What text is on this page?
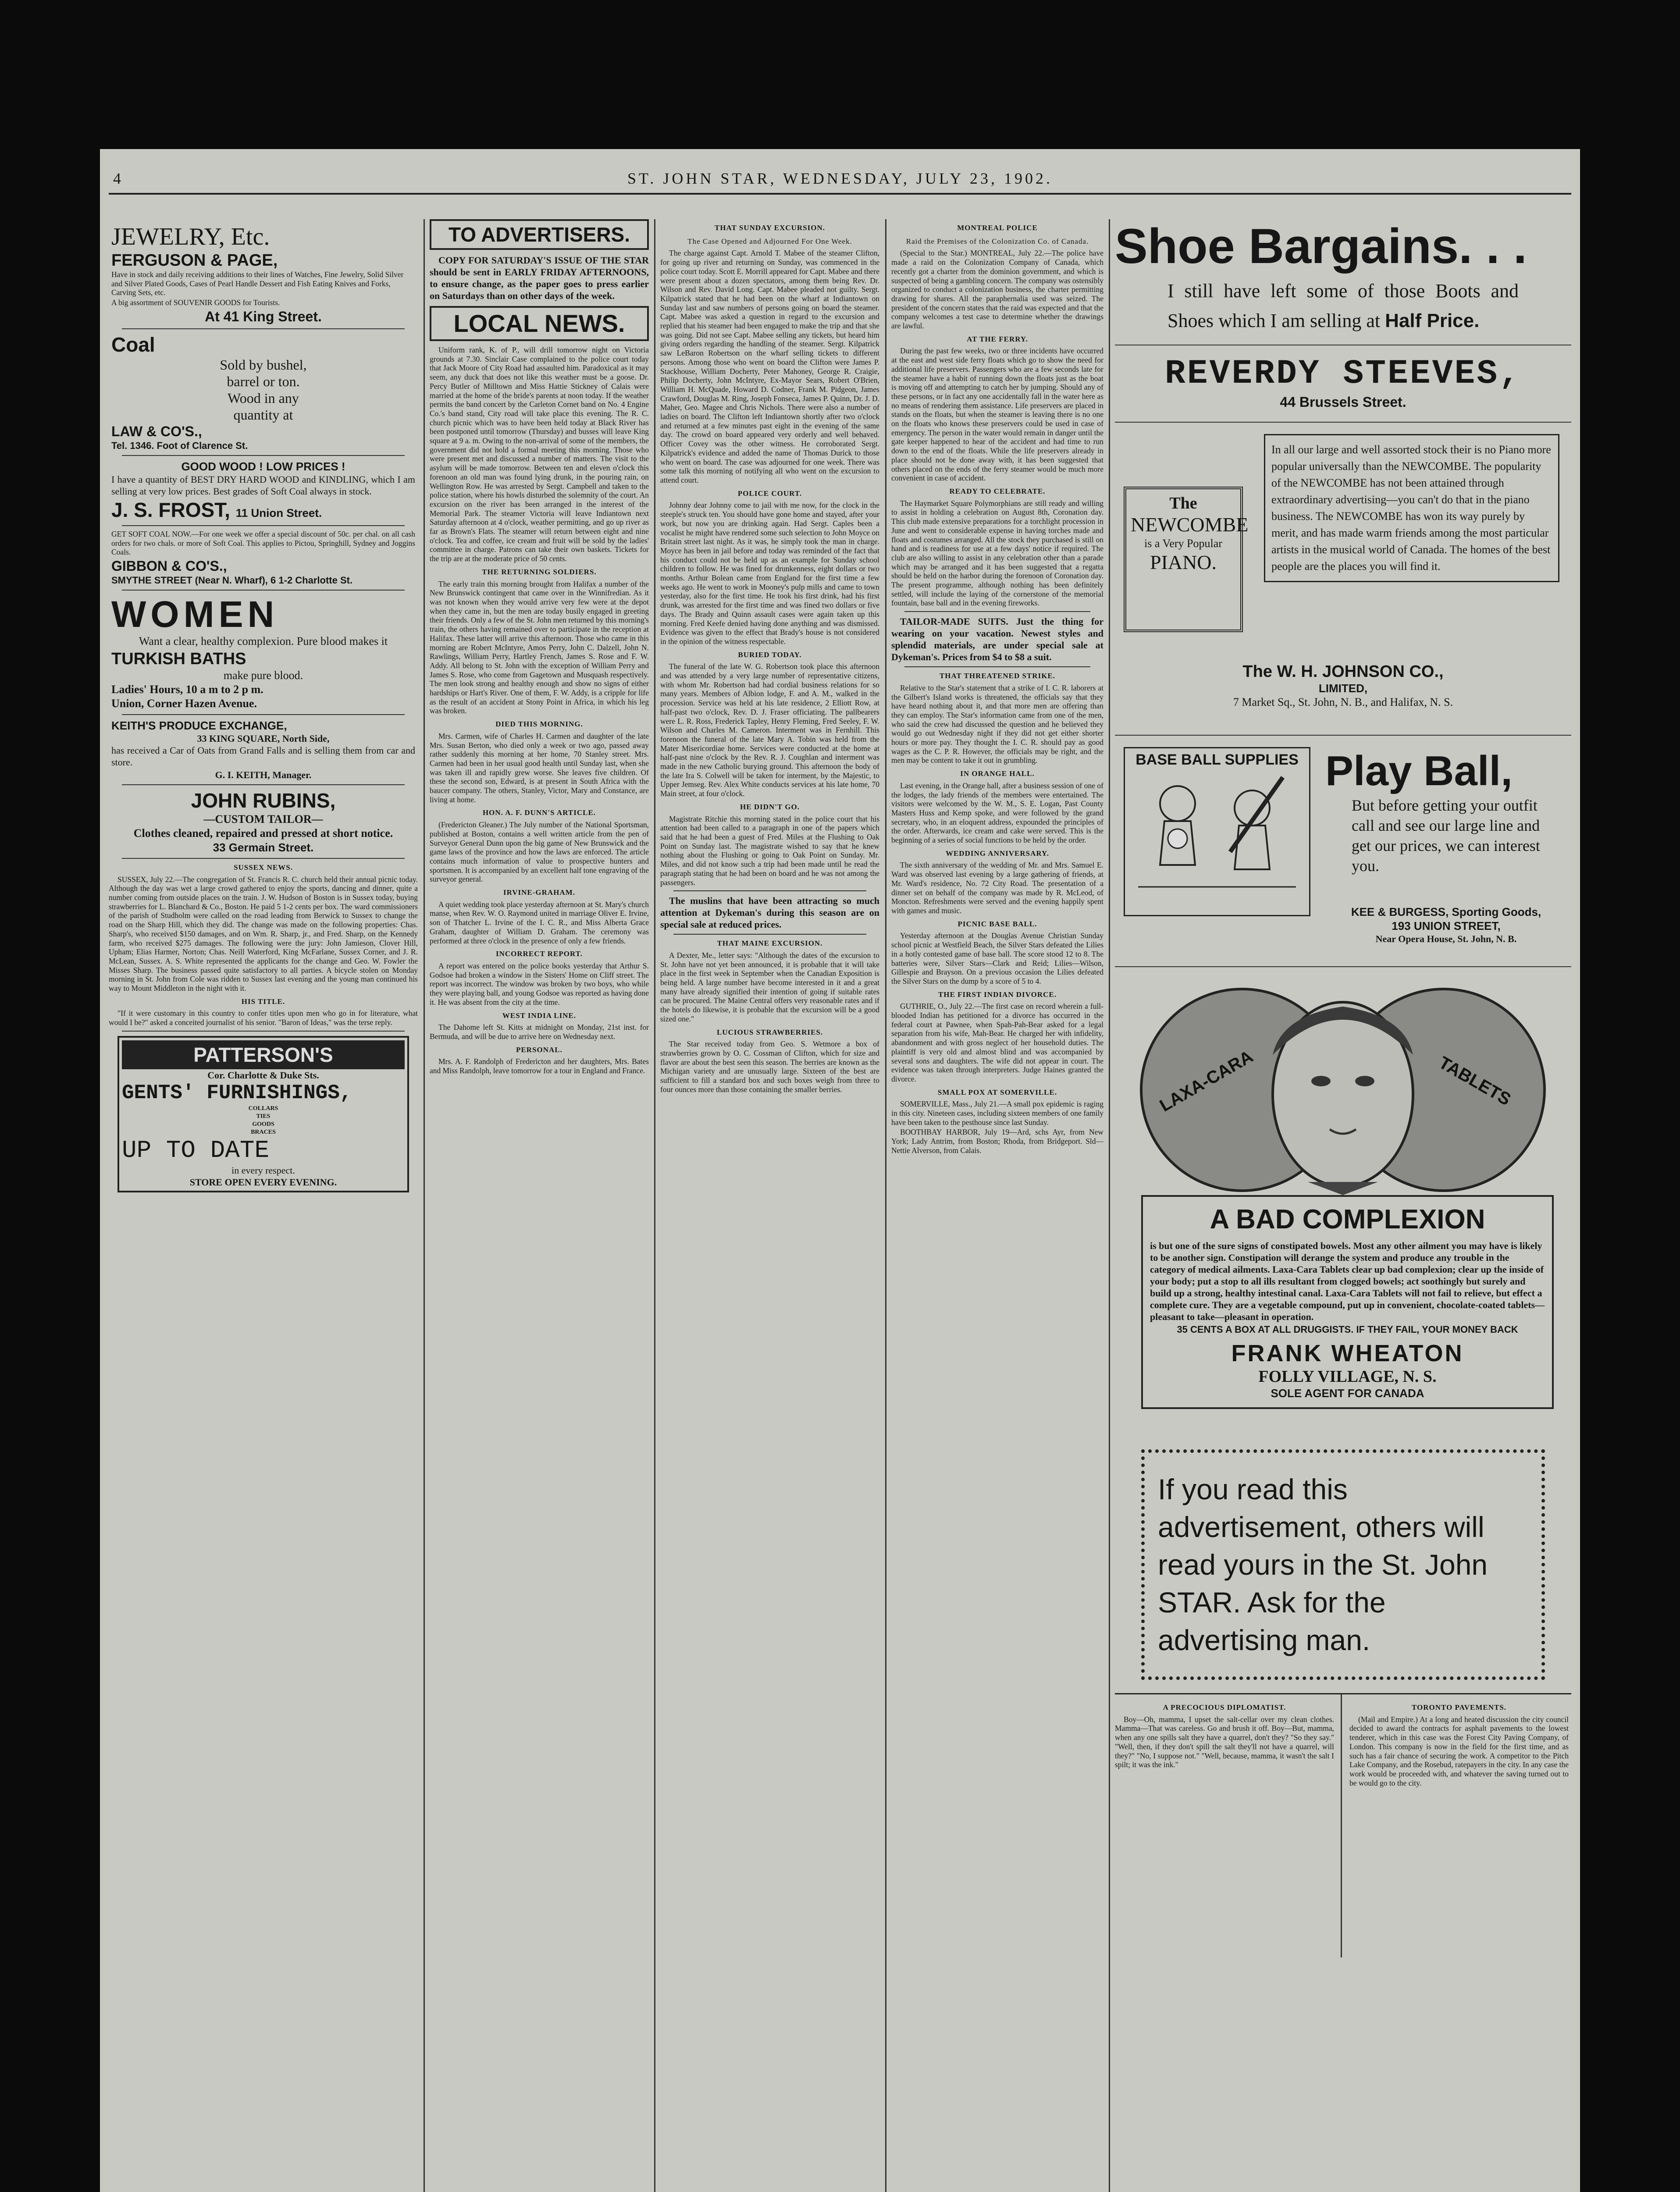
4	ST. JOHN STAR, WEDNESDAY, JULY 23, 1902.
JEWELRY, Etc.
FERGUSON & PAGE,

Have in stock and daily receiving additions to their lines of Watches, Fine Jewelry, Solid Silver and Silver Plated Goods, Cases of Pearl Handle Dessert and Fish Eating Knives and Forks, Carving Sets, etc.

A big assortment of SOUVENIR GOODS for Tourists.

At 41 King Street.
Coal
Sold by bushel,
barrel or ton.
Wood in any
quantity at
LAW & CO'S.,
Tel. 1346. Foot of Clarence St.
GOOD WOOD ! LOW PRICES !

I have a quantity of BEST DRY HARD WOOD and KINDLING, which I am selling at very low prices. Best grades of Soft Coal always in stock.

J. S. FROST, 11 Union Street.

GET SOFT COAL NOW.—For one week we offer a special discount of 50c. per chal. on all cash orders for two chals. or more of Soft Coal. This applies to Pictou, Springhill, Sydney and Joggins Coals.

GIBBON & CO'S.,
SMYTHE STREET (Near N. Wharf), 6 1-2 Charlotte St.
WOMEN

Want a clear, healthy complexion. Pure blood makes it

TURKISH BATHS
make pure blood.
Ladies' Hours, 10 a m to 2 p m.
Union, Corner Hazen Avenue.
KEITH'S PRODUCE EXCHANGE,
33 KING SQUARE, North Side,

has received a Car of Oats from Grand Falls and is selling them from car and store.

G. I. KEITH, Manager.
JOHN RUBINS,
—CUSTOM TAILOR—
Clothes cleaned, repaired and pressed at short notice.
33 Germain Street.
SUSSEX NEWS.

SUSSEX, July 22.—The congregation of St. Francis R. C. church held their annual picnic today. Although the day was wet a large crowd gathered to enjoy the sports, dancing and dinner, quite a number coming from outside places on the train. J. W. Hudson of Boston is in Sussex today, buying strawberries for L. Blanchard & Co., Boston. He paid 5 1-2 cents per box. The ward commissioners of the parish of Studholm were called on the road leading from Berwick to Sussex to change the road on the Sharp Hill, which they did. The change was made on the following properties: Chas. Sharp's, who received $150 damages, and on Wm. R. Sharp, jr., and Fred. Sharp, on the Kennedy farm, who received $275 damages. The following were the jury: John Jamieson, Clover Hill, Upham; Elias Harmer, Norton; Chas. Neill Waterford, King McFarlane, Sussex Corner, and J. R. McLean, Sussex. A. S. White represented the applicants for the change and Geo. W. Fowler the Misses Sharp. The business passed quite satisfactory to all parties. A bicycle stolen on Monday morning in St. John from Cole was ridden to Sussex last evening and the young man continued his way to Mount Middleton in the night with it.

HIS TITLE.

"If it were customary in this country to confer titles upon men who go in for literature, what would I be?" asked a conceited journalist of his senior. "Baron of Ideas," was the terse reply.

PATTERSON'S
Cor. Charlotte & Duke Sts.
GENTS' FURNISHINGS,
COLLARS
TIES
GOODS
BRACES
UP TO DATE
in every respect.
STORE OPEN EVERY EVENING.
TO ADVERTISERS.

COPY FOR SATURDAY'S ISSUE OF THE STAR should be sent in EARLY FRIDAY AFTERNOONS, to ensure change, as the paper goes to press earlier on Saturdays than on other days of the week.

LOCAL NEWS.

Uniform rank, K. of P., will drill tomorrow night on Victoria grounds at 7.30. Sinclair Case complained to the police court today that Jack Moore of City Road had assaulted him. Paradoxical as it may seem, any duck that does not like this weather must be a goose. Dr. Percy Butler of Milltown and Miss Hattie Stickney of Calais were married at the home of the bride's parents at noon today. If the weather permits the band concert by the Carleton Cornet band on No. 4 Engine Co.'s band stand, City road will take place this evening. The R. C. church picnic which was to have been held today at Black River has been postponed until tomorrow (Thursday) and busses will leave King square at 9 a. m. Owing to the non-arrival of some of the members, the government did not hold a formal meeting this morning. Those who were present met and discussed a number of matters. The visit to the asylum will be made tomorrow. Between ten and eleven o'clock this forenoon an old man was found lying drunk, in the pouring rain, on Wellington Row. He was arrested by Sergt. Campbell and taken to the police station, where his howls disturbed the solemnity of the court. An excursion on the river has been arranged in the interest of the Memorial Park. The steamer Victoria will leave Indiantown next Saturday afternoon at 4 o'clock, weather permitting, and go up river as far as Brown's Flats. The steamer will return between eight and nine o'clock. Tea and coffee, ice cream and fruit will be sold by the ladies' committee in charge. Patrons can take their own baskets. Tickets for the trip are at the moderate price of 50 cents.

THE RETURNING SOLDIERS.

The early train this morning brought from Halifax a number of the New Brunswick contingent that came over in the Winnifredian. As it was not known when they would arrive very few were at the depot when they came in, but the men are today busily engaged in greeting their friends. Only a few of the St. John men returned by this morning's train, the others having remained over to participate in the reception at Halifax. These latter will arrive this afternoon. Those who came in this morning are Robert McIntyre, Amos Perry, John C. Dalzell, John N. Rawlings, William Perry, Hartley French, James S. Rose and F. W. Addy. All belong to St. John with the exception of William Perry and James S. Rose, who come from Gagetown and Musquash respectively. The men look strong and healthy enough and show no signs of either hardships or Hart's River. One of them, F. W. Addy, is a cripple for life as the result of an accident at Stony Point in Africa, in which his leg was broken.

DIED THIS MORNING.

Mrs. Carmen, wife of Charles H. Carmen and daughter of the late Mrs. Susan Berton, who died only a week or two ago, passed away rather suddenly this morning at her home, 70 Stanley street. Mrs. Carmen had been in her usual good health until Sunday last, when she was taken ill and rapidly grew worse. She leaves five children. Of these the second son, Edward, is at present in South Africa with the baucer company. The others, Stanley, Victor, Mary and Constance, are living at home.

HON. A. F. DUNN'S ARTICLE.

(Fredericton Gleaner.) The July number of the National Sportsman, published at Boston, contains a well written article from the pen of Surveyor General Dunn upon the big game of New Brunswick and the game laws of the province and how the laws are enforced. The article contains much information of value to prospective hunters and sportsmen. It is accompanied by an excellent half tone engraving of the surveyor general.

IRVINE-GRAHAM.

A quiet wedding took place yesterday afternoon at St. Mary's church manse, when Rev. W. O. Raymond united in marriage Oliver E. Irvine, son of Thatcher L. Irvine of the I. C. R., and Miss Alberta Grace Graham, daughter of William D. Graham. The ceremony was performed at three o'clock in the presence of only a few friends.

INCORRECT REPORT.

A report was entered on the police books yesterday that Arthur S. Godsoe had broken a window in the Sisters' Home on Cliff street. The report was incorrect. The window was broken by two boys, who while they were playing ball, and young Godsoe was reported as having done it. He was absent from the city at the time.

WEST INDIA LINE.

The Dahome left St. Kitts at midnight on Monday, 21st inst. for Bermuda, and will be due to arrive here on Wednesday next.

PERSONAL.

Mrs. A. F. Randolph of Fredericton and her daughters, Mrs. Bates and Miss Randolph, leave tomorrow for a tour in England and France.

THAT SUNDAY EXCURSION.
The Case Opened and Adjourned For One Week.

The charge against Capt. Arnold T. Mabee of the steamer Clifton, for going up river and returning on Sunday, was commenced in the police court today. Scott E. Morrill appeared for Capt. Mabee and there were present about a dozen spectators, among them being Rev. Dr. Wilson and Rev. David Long. Capt. Mabee pleaded not guilty. Sergt. Kilpatrick stated that he had been on the wharf at Indiantown on Sunday last and saw numbers of persons going on board the steamer. Capt. Mabee was asked a question in regard to the excursion and replied that his steamer had been engaged to make the trip and that she was going. Did not see Capt. Mabee selling any tickets, but heard him giving orders regarding the handling of the steamer. Sergt. Kilpatrick saw LeBaron Robertson on the wharf selling tickets to different persons. Among those who went on board the Clifton were James P. Stackhouse, William Docherty, Peter Mahoney, George R. Craigie, Philip Docherty, John McIntyre, Ex-Mayor Sears, Robert O'Brien, William H. McQuade, Howard D. Codner, Frank M. Pidgeon, James Crawford, Douglas M. Ring, Joseph Fonseca, James P. Quinn, Dr. J. D. Maher, Geo. Magee and Chris Nichols. There were also a number of ladies on board. The Clifton left Indiantown shortly after two o'clock and returned at a few minutes past eight in the evening of the same day. The crowd on board appeared very orderly and well behaved. Officer Covey was the other witness. He corroborated Sergt. Kilpatrick's evidence and added the name of Thomas Durick to those who went on board. The case was adjourned for one week. There was some talk this morning of notifying all who went on the excursion to attend court.

POLICE COURT.

Johnny dear Johnny come to jail with me now, for the clock in the steeple's struck ten. You should have gone home and stayed, after your work, but now you are drinking again. Had Sergt. Caples been a vocalist he might have rendered some such selection to John Moyce on Britain street last night. As it was, he simply took the man in charge. Moyce has been in jail before and today was reminded of the fact that his conduct could not be held up as an example for Sunday school children to follow. He was fined for drunkenness, eight dollars or two months. Arthur Bolean came from England for the first time a few weeks ago. He went to work in Mooney's pulp mills and came to town yesterday, also for the first time. He took his first drink, had his first drunk, was arrested for the first time and was fined two dollars or five days. The Brady and Quinn assault cases were again taken up this morning. Fred Keefe denied having done anything and was dismissed. Evidence was given to the effect that Brady's house is not considered in the opinion of the witness respectable.

BURIED TODAY.

The funeral of the late W. G. Robertson took place this afternoon and was attended by a very large number of representative citizens, with whom Mr. Robertson had had cordial business relations for so many years. Members of Albion lodge, F. and A. M., walked in the procession. Service was held at his late residence, 2 Elliott Row, at half-past two o'clock, Rev. D. J. Fraser officiating. The pallbearers were L. R. Ross, Frederick Tapley, Henry Fleming, Fred Seeley, F. W. Wilson and Charles M. Cameron. Interment was in Fernhill. This forenoon the funeral of the late Mary A. Tobin was held from the Mater Misericordiae home. Services were conducted at the home at half-past nine o'clock by the Rev. R. J. Coughlan and interment was made in the new Catholic burying ground. This afternoon the body of the late Ira S. Colwell will be taken for interment, by the Majestic, to Upper Jemseg. Rev. Alex White conducts services at his late home, 70 Main street, at four o'clock.

HE DIDN'T GO.

Magistrate Ritchie this morning stated in the police court that his attention had been called to a paragraph in one of the papers which said that he had been a guest of Fred. Miles at the Flushing to Oak Point on Sunday last. The magistrate wished to say that he knew nothing about the Flushing or going to Oak Point on Sunday. Mr. Miles, and did not know such a trip had been made until he read the paragraph stating that he had been on board and he was not among the passengers.

The muslins that have been attracting so much attention at Dykeman's during this season are on special sale at reduced prices.

THAT MAINE EXCURSION.

A Dexter, Me., letter says: "Although the dates of the excursion to St. John have not yet been announced, it is probable that it will take place in the first week in September when the Canadian Exposition is being held. A large number have become interested in it and a great many have already signified their intention of going if suitable rates can be procured. The Maine Central offers very reasonable rates and if the hotels do likewise, it is probable that the excursion will be a good sized one."

LUCIOUS STRAWBERRIES.

The Star received today from Geo. S. Wetmore a box of strawberries grown by O. C. Cossman of Clifton, which for size and flavor are about the best seen this season. The berries are known as the Michigan variety and are unusually large. Sixteen of the best are sufficient to fill a standard box and such boxes weigh from three to four ounces more than those containing the smaller berries.

MONTREAL POLICE
Raid the Premises of the Colonization Co. of Canada.

(Special to the Star.) MONTREAL, July 22.—The police have made a raid on the Colonization Company of Canada, which recently got a charter from the dominion government, and which is suspected of being a gambling concern. The company was ostensibly organized to conduct a colonization business, the charter permitting drawing for shares. All the paraphernalia used was seized. The president of the concern states that the raid was expected and that the company welcomes a test case to determine whether the drawings are lawful.

AT THE FERRY.

During the past few weeks, two or three incidents have occurred at the east and west side ferry floats which go to show the need for additional life preservers. Passengers who are a few seconds late for the steamer have a habit of running down the floats just as the boat is moving off and attempting to catch her by jumping. Should any of these persons, or in fact any one accidentally fall in the water here as no means of rendering them assistance. Life preservers are placed in stands on the floats, but when the steamer is leaving there is no one on the floats who knows these preservers could be used in case of emergency. The person in the water would remain in danger until the gate keeper happened to hear of the accident and had time to run down to the end of the floats. While the life preservers already in place should not be done away with, it has been suggested that others placed on the ends of the ferry steamer would be much more convenient in case of accident.

READY TO CELEBRATE.

The Haymarket Square Polymorphians are still ready and willing to assist in holding a celebration on August 8th, Coronation day. This club made extensive preparations for a torchlight procession in June and went to considerable expense in having torches made and floats and costumes arranged. All the stock they purchased is still on hand and is readiness for use at a few days' notice if required. The club are also willing to assist in any celebration other than a parade which may be arranged and it has been suggested that a regatta should be held on the harbor during the forenoon of Coronation day. The present programme, although nothing has been definitely settled, will include the laying of the cornerstone of the memorial fountain, base ball and in the evening fireworks.

TAILOR-MADE SUITS. Just the thing for wearing on your vacation. Newest styles and splendid materials, are under special sale at Dykeman's. Prices from $4 to $8 a suit.

THAT THREATENED STRIKE.

Relative to the Star's statement that a strike of I. C. R. laborers at the Gilbert's Island works is threatened, the officials say that they have heard nothing about it, and that more men are offering than they can employ. The Star's information came from one of the men, who said the crew had discussed the question and he believed they would go out Wednesday night if they did not get either shorter hours or more pay. They thought the I. C. R. should pay as good wages as the C. P. R. However, the officials may be right, and the men may be content to take it out in grumbling.

IN ORANGE HALL.

Last evening, in the Orange hall, after a business session of one of the lodges, the lady friends of the members were entertained. The visitors were welcomed by the W. M., S. E. Logan, Past County Masters Huss and Kemp spoke, and were followed by the grand secretary, who, in an eloquent address, expounded the principles of the order. Afterwards, ice cream and cake were served. This is the beginning of a series of social functions to be held by the order.

WEDDING ANNIVERSARY.

The sixth anniversary of the wedding of Mr. and Mrs. Samuel E. Ward was observed last evening by a large gathering of friends, at Mr. Ward's residence, No. 72 City Road. The presentation of a dinner set on behalf of the company was made by R. McLeod, of Moncton. Refreshments were served and the evening happily spent with games and music.

PICNIC BASE BALL.

Yesterday afternoon at the Douglas Avenue Christian Sunday school picnic at Westfield Beach, the Silver Stars defeated the Lilies in a hotly contested game of base ball. The score stood 12 to 8. The batteries were, Silver Stars—Clark and Reid; Lilies—Wilson, Gillespie and Brayson. On a previous occasion the Lilies defeated the Silver Stars on the dump by a score of 5 to 4.

THE FIRST INDIAN DIVORCE.

GUTHRIE, O., July 22.—The first case on record wherein a full-blooded Indian has petitioned for a divorce has occurred in the federal court at Pawnee, when Spah-Pah-Bear asked for a legal separation from his wife, Mah-Bear. He charged her with infidelity, abandonment and with gross neglect of her household duties. The plaintiff is very old and almost blind and was accompanied by several sons and daughters. The wife did not appear in court. The evidence was taken through interpreters. Judge Haines granted the divorce.

SMALL POX AT SOMERVILLE.

SOMERVILLE, Mass., July 21.—A small pox epidemic is raging in this city. Nineteen cases, including sixteen members of one family have been taken to the pesthouse since last Sunday.

BOOTHBAY HARBOR, July 19—Ard, schs Ayr, from New York; Lady Antrim, from Boston; Rhoda, from Bridgeport. Sld—Nettie Alverson, from Calais.

Shoe Bargains. . .
I still have left some of those Boots and Shoes which I am selling at Half Price.
REVERDY STEEVES,
44 Brussels Street.
The
NEWCOMBE
is a Very Popular
PIANO.
In all our large and well assorted stock their is no Piano more popular universally than the NEWCOMBE. The popularity of the NEWCOMBE has not been attained through extraordinary advertising—you can't do that in the piano business. The NEWCOMBE has won its way purely by merit, and has made warm friends among the most particular artists in the musical world of Canada. The homes of the best people are the places you will find it.
The W. H. JOHNSON CO.,
LIMITED,
7 Market Sq., St. John, N. B., and Halifax, N. S.
BASE BALL SUPPLIES Play Ball,
But before getting your outfit call and see our large line and get our prices, we can interest you.
KEE & BURGESS, Sporting Goods,
193 UNION STREET,
Near Opera House, St. John, N. B.
LAXA-CARA	TABLETS
A BAD COMPLEXION

is but one of the sure signs of constipated bowels. Most any other ailment you may have is likely to be another sign. Constipation will derange the system and produce any trouble in the category of medical ailments. Laxa-Cara Tablets clear up bad complexion; clear up the inside of your body; put a stop to all ills resultant from clogged bowels; act soothingly but surely and build up a strong, healthy intestinal canal. Laxa-Cara Tablets will not fail to relieve, but effect a complete cure. They are a vegetable compound, put up in convenient, chocolate-coated tablets—pleasant to take—pleasant in operation.

35 CENTS A BOX AT ALL DRUGGISTS. IF THEY FAIL, YOUR MONEY BACK
FRANK WHEATON
FOLLY VILLAGE, N. S.
SOLE AGENT FOR CANADA
If you read this advertisement, others will read yours in the St. John STAR. Ask for the advertising man.
A PRECOCIOUS DIPLOMATIST.

Boy—Oh, mamma, I upset the salt-cellar over my clean clothes. Mamma—That was careless. Go and brush it off. Boy—But, mamma, when any one spills salt they have a quarrel, don't they? "So they say." "Well, then, if they don't spill the salt they'll not have a quarrel, will they?" "No, I suppose not." "Well, because, mamma, it wasn't the salt I spilt; it was the ink."

TORONTO PAVEMENTS.

(Mail and Empire.) At a long and heated discussion the city council decided to award the contracts for asphalt pavements to the lowest tenderer, which in this case was the Forest City Paving Company, of London. This company is now in the field for the first time, and as such has a fair chance of securing the work. A competitor to the Pitch Lake Company, and the Rosebud, ratepayers in the city. In any case the work would be proceeded with, and whatever the saving turned out to be would go to the city.
